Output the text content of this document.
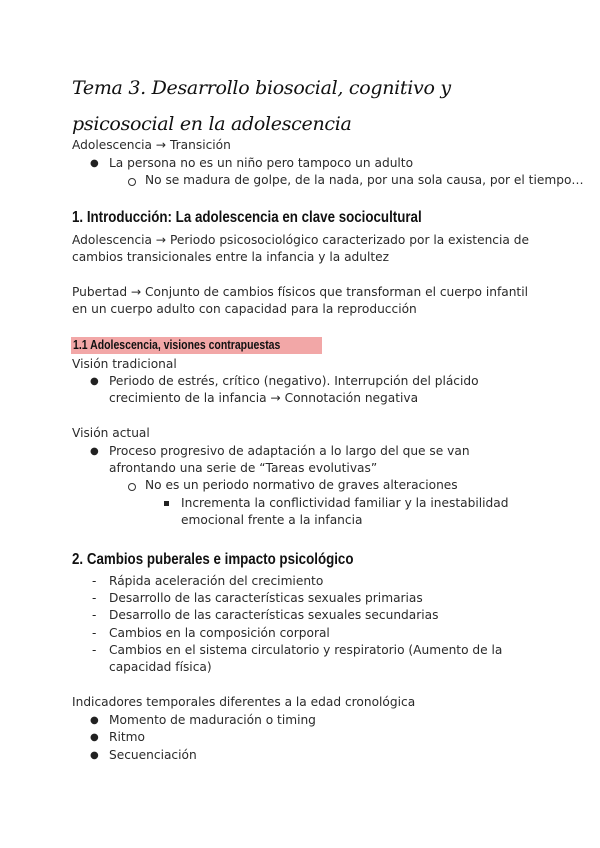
Tema 3. Desarrollo biosocial, cognitivo y psicosocial en la adolescencia
Adolescencia → Transición
● La persona no es un niño pero tampoco un adulto
No se madura de golpe, de la nada, por una sola causa, por el tiempo…
1. Introducción: La adolescencia en clave sociocultural
Adolescencia → Periodo psicosociológico caracterizado por la existencia de cambios transicionales entre la infancia y la adultez
Pubertad → Conjunto de cambios físicos que transforman el cuerpo infantil en un cuerpo adulto con capacidad para la reproducción
1.1 Adolescencia, visiones contrapuestas
Visión tradicional
● Periodo de estrés, crítico (negativo). Interrupción del plácido crecimiento de la infancia → Connotación negativa
Visión actual
● Proceso progresivo de adaptación a lo largo del que se van afrontando una serie de “Tareas evolutivas”
No es un periodo normativo de graves alteraciones
Incrementa la conflictividad familiar y la inestabilidad emocional frente a la infancia
2. Cambios puberales e impacto psicológico
- Rápida aceleración del crecimiento
- Desarrollo de las características sexuales primarias
- Desarrollo de las características sexuales secundarias
- Cambios en la composición corporal
- Cambios en el sistema circulatorio y respiratorio (Aumento de la capacidad física)
Indicadores temporales diferentes a la edad cronológica
● Momento de maduración o timing
● Ritmo
● Secuenciación
